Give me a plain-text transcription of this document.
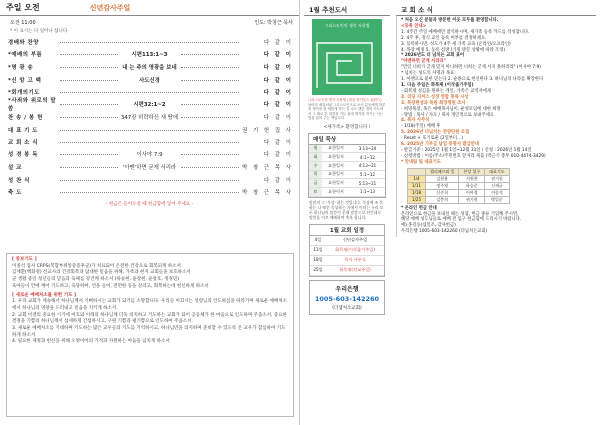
주일 오전	신년감사주일
오전 11:00	인도: 박창근 목사
* 이 표시는 다 일어나 섭니다
경배와 찬양	다 같 이
*예배의 부름	시편113:1~3	다 같 이
*명 광 송	내 는 주의 영광을 보네	다 같 이
*신 앙 고 백	사도신경	다 같 이
*회개의기도	다 같 이
*사죄와 위로의 말씀
시편32:1~2	다 같 이
찬 송 / 봉 헌	347장 허락하신 새 땅에	다 같 이
대 표 기 도	권 기 헌 집 사
교 회 소 식	다 같 이
성 경 봉 독	이사야 7:9	다 같 이
설 교	'아멘'하면 굳게 서리라	박 창 근 목 사
성 찬 식	다 같 이
축 도	박 창 근 목 사
- 헌금은 들어오실 때 헌금함에 넣어 주세요 -
[ 중보기도 ]
이종석 집사 CRPS(복합부위통증증후군)가 치료되어 온전한 건강으로 회복되게 하소서
김재환(백화정) 선교사의 건강회복과 담대한 믿음을 위해, 가족과 현지 교회들을 보호하소서
군 생활 중인 청년들의 믿음과 육체를 강건케 하소서 (류승현, 윤창현, 윤창호, 정경민)
육아들이 안에 깨어 기도하고, 육당하여, 연을 들어, 전면한 등을 살리고, 회복하는데 헌신하게 하소서
[ 새로운 예배처소를 위한 기도 ]
1. 우리 교회가 계속해서 하나님께서 기뻐하시는 교회가 되기를 소망합니다. 우리들 이끄시는 성령님의 인도하심을 따라가며 새로운 예배처소에서 하나님의 영광을 드러내고 믿음을 지키게 하소서.
2. 교회 이전의 중요한 시기에 여호와 이레의 하나님께 더욱 의지하고 기도하는 교회가 되어 공동체가 한 마음으로 인도하며 주옵소서. 중요한 결정을 기쁨의 하나님께서 섬세하게 간섭하시고, 구원 기쁨과 평기쁨으로 인도하여 주옵소서.
3. 새로운 예배처소를 기대하며 기도하는 많은 교우들의 기도를 기억하시고, 하나님만을 의지하며 준비할 수 있도록 온 교우가 합심하여 기도하게 하소서.
4. 필요한 재정과 헌신을 위해 오병이어의 기적과 자원하는 마음을 넘치게 하소서
1월 추천도서
그리스도인의 생각 사용법
그리스도인의 생각 사용법 (게일 허이올스 워런드)
날마다 매일처럼 그리스도인으로 오신 분들에게 하루의 생각을 잘 새롭게 하는 길 나도 했던 정리 기도에서 그 새로 본 말씀과 기도 위에 생각을 지키는 사는 법을 알려 주는 책입니다
<새가족> 환영합니다 !
매일 묵상
월	요한일서	3:13~24
화	요한일서	4:1~12
수	요한일서	4:13~21
목	요한일서	5:1~12
금	요한일서	5:13~21
토	요한이서	1:1~13
말씀의 그 '묵상' 하는 것입니다. 묵상에 조 목 하는 나 때문 묵상하는 거에서 이러는 우리 모두 하나님의 말씀이 문제 말씀으로 선언대로 말씀을 이끄 예배하여 축복 합니다.
1월 교회 일정
4일	신년감사주일
11일	화목제(이삭줍기주일)
18일	목자 사무식
25일	화목제(선교주일)
우리은행
1005-603-142260
(더샘처소교회)
교 회 소 식
* 처음 오신 분들과 방문한 이웃 모두를 환영합니다.
<등록 안내>
1. 4주간 주일 예배에만 참석하시며, 새가족 등록 카드를 작성합니다.
2. 4주 후, 정식 교인 등록 여부를 결정하세요.
3. 등록하시면, 성도가 4주 새 가족 교육 (온라인/오프라인)
4. 목장 배정 5. 등록 심방 (가정 방문 상황에 따라 조정)
* 2026년도 더 넘치는 교회 표어
"아멘하면 굳게 서리라"
"만일 너희가 굳게 믿지 아니하면 너희는 굳게 서지 못하리라" (이사야 7:9)
* 넘치는 성도의 사명과 목표:
1. 아멘으로 붙한 믿는다 2. 순종으로 헌신한다 3. 하나님의 나라를 확장한다
1. 다음 주일은 화목제 (이삭줍기주일)
- 회복제 성김을 원하는 개인, 가족은 교역자에게
2. 리딩 지저스 성경 연합 통독 시상
3. 목장편성과 목원 희망청원 조사
- 희망목장, 혹은 예배목자님이, 운영모임에 대한 희망
- 방법 : 목사 / 사모 / 목자 개인적으로 보내주세요
4. 목자 사무식
- 1/18(주일) 예배 후
5. 2026년 더넘치는 찬양단원 모집
- Reset + 호기로운 (2일부터…)
6. 2025년 기부금 납입 증명서 발급안내
- 발급기준 : 2025년 1월 1일~12월 31일 / 신청 : 2026년 1월 14일
- 신청방법 : 이름/주소/주민번호 앞자리 제출 (박근기 총무 010-4474-3429)
* 안내팀 및 대표기도
	헬리패프와 일	본당 입구	대표기도
1/4	김현용	서원찬	권기헌
1/11	정주영	하승준	신재균
1/18	신준희	이아경	이종석
1/25	김층희	권기헌	박일준
* 온라인 헌금 안내
온라인으로 헌금을 보내실 때는 성함, 헌금 종류 기입해 주시면,
해당 예배 성도님들로 예배 전 입구 헌금함에 드리시기 바랍니다.
예) 홍길동(십일조, 감사헌금)
우리은행 1005-603-142260 (더넘치는교회)
